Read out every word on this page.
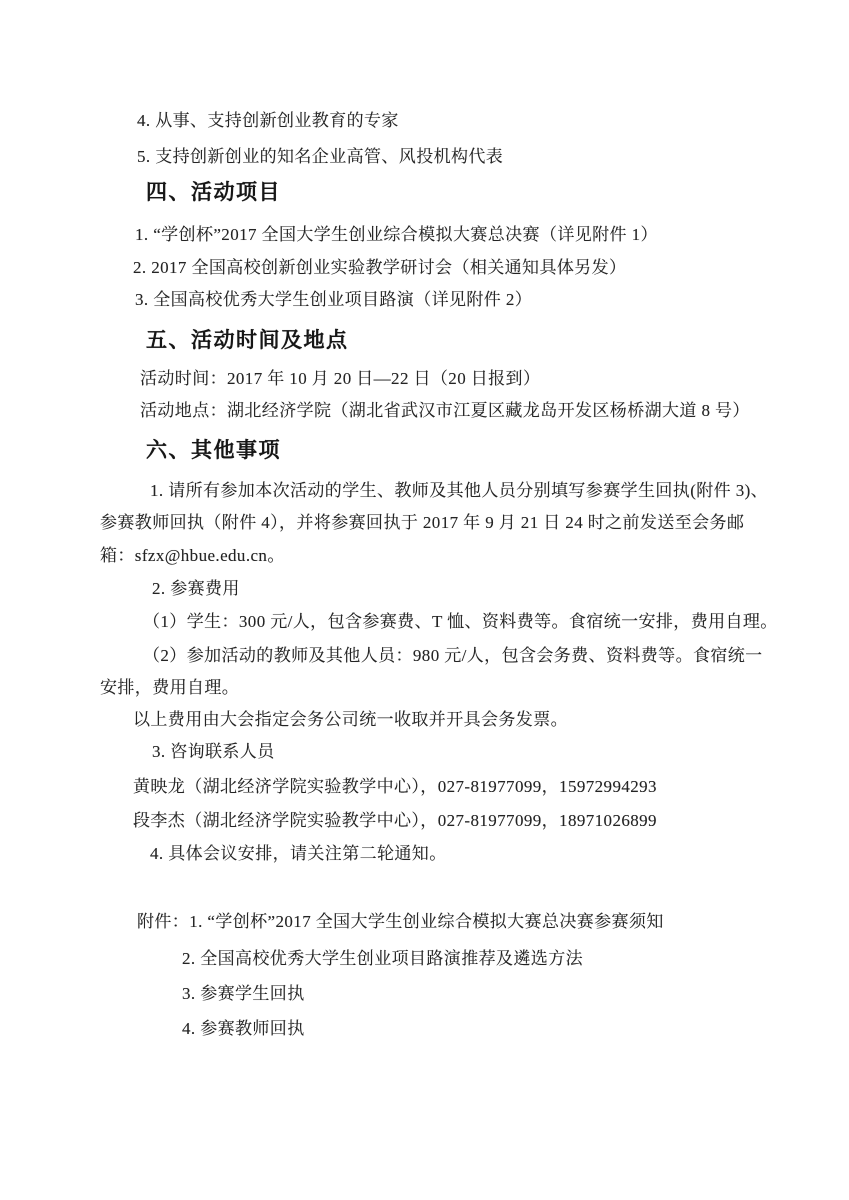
4. 从事、支持创新创业教育的专家
5. 支持创新创业的知名企业高管、风投机构代表
四、活动项目
1. “学创杯”2017 全国大学生创业综合模拟大赛总决赛（详见附件 1）
2. 2017 全国高校创新创业实验教学研讨会（相关通知具体另发）
3. 全国高校优秀大学生创业项目路演（详见附件 2）
五、活动时间及地点
活动时间：2017 年 10 月 20 日—22 日（20 日报到）
活动地点：湖北经济学院（湖北省武汉市江夏区藏龙岛开发区杨桥湖大道 8 号）
六、其他事项
1. 请所有参加本次活动的学生、教师及其他人员分别填写参赛学生回执(附件 3)、
参赛教师回执（附件 4），并将参赛回执于 2017 年 9 月 21 日 24 时之前发送至会务邮
箱：sfzx@hbue.edu.cn。
2. 参赛费用
（1）学生：300 元/人，包含参赛费、T 恤、资料费等。食宿统一安排，费用自理。
（2）参加活动的教师及其他人员：980 元/人，包含会务费、资料费等。食宿统一
安排，费用自理。
以上费用由大会指定会务公司统一收取并开具会务发票。
3. 咨询联系人员
黄映龙（湖北经济学院实验教学中心），027-81977099，15972994293
段李杰（湖北经济学院实验教学中心），027-81977099，18971026899
4. 具体会议安排，请关注第二轮通知。
附件：1. “学创杯”2017 全国大学生创业综合模拟大赛总决赛参赛须知
2. 全国高校优秀大学生创业项目路演推荐及遴选方法
3. 参赛学生回执
4. 参赛教师回执
